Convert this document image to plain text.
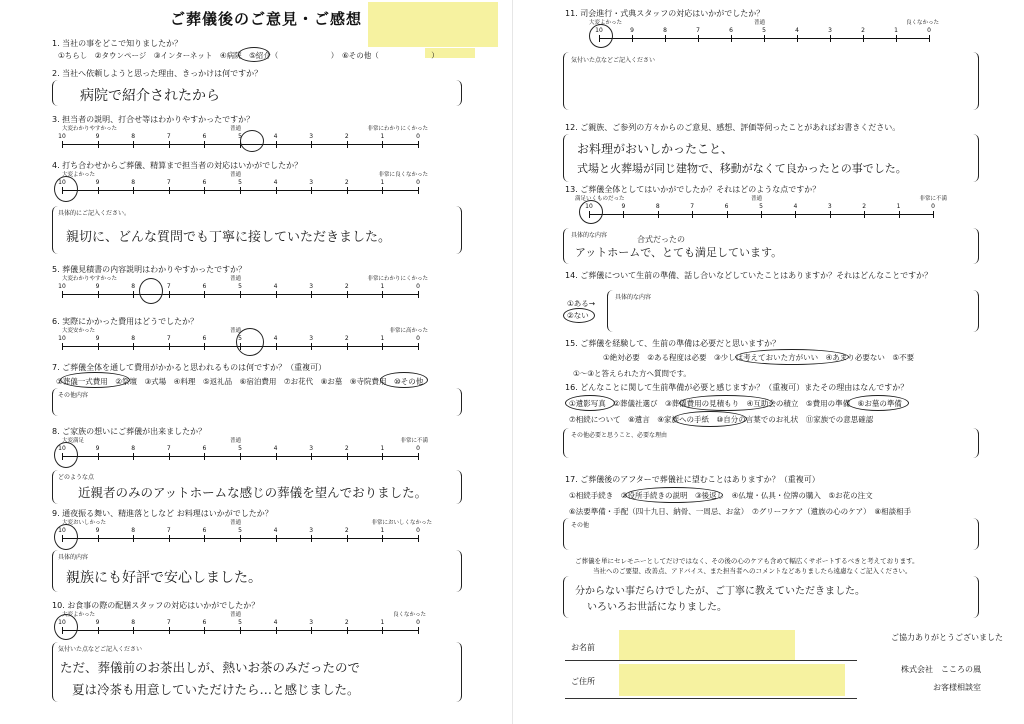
ご葬儀後のご意見・ご感想
1. 当社の事をどこで知りましたか？
①ちらし　②タウンページ　③インターネット　④病院　⑤紹介（　　　　　　　）　⑥その他（　　　　　　　）
2. 当社へ依頼しようと思った理由、きっかけは何ですか？
病院で紹介されたから
3. 担当者の説明、打合せ等はわかりやすかったですか？
大変わかりやすかった	普通	非常にわかりにくかった
10	9	8	7	6	5	4	3	2	1	0
4. 打ち合わせからご葬儀、精算まで担当者の対応はいかがでしたか？
大変よかった	普通	非常に良くなかった
10	9	8	7	6	5	4	3	2	1	0
具体的にご記入ください。
親切に、どんな質問でも丁寧に接していただきました。
5. 葬儀見積書の内容説明はわかりやすかったですか？
大変わかりやすかった	普通	非常にわかりにくかった
10	9	8	7	6	5	4	3	2	1	0
6. 実際にかかった費用はどうでしたか？
大変安かった	普通	非常に高かった
10	9	8	7	6	5	4	3	2	1	0
7. ご葬儀全体を通して費用がかかると思われるものは何ですか？（重複可）
①葬儀一式費用　②祭壇　③式場　④料理　⑤返礼品　⑥宿泊費用　⑦お花代　⑧お墓　⑨寺院費用　⑩その他
その他内容
8. ご家族の想いにご葬儀が出来ましたか？
大変満足	普通	非常に不満
10	9	8	7	6	5	4	3	2	1	0
どのような点
近親者のみのアットホームな感じの葬儀を望んでおりました。
9. 通夜振る舞い、精進落としなど お料理はいかがでしたか？
大変おいしかった	普通	非常においしくなかった
10	9	8	7	6	5	4	3	2	1	0
具体的内容
親族にも好評で安心しました。
10. お食事の際の配膳スタッフの対応はいかがでしたか？
大変よかった	普通	良くなかった
10	9	8	7	6	5	4	3	2	1	0
気付いた点などご記入ください
ただ、葬儀前のお茶出しが、熱いお茶のみだったので
夏は冷茶も用意していただけたら…と感じました。
11. 司会進行・式典スタッフの対応はいかがでしたか？
大変よかった	普通	良くなかった
10	9	8	7	6	5	4	3	2	1	0
気付いた点などご記入ください
12. ご親族、ご参列の方々からのご意見、感想、評価等伺ったことがあればお書きください。
お料理がおいしかったこと、
式場と火葬場が同じ建物で、移動がなくて良かったとの事でした。
13. ご葬儀全体としてはいかがでしたか？それはどのような点ですか？
満足いくものだった	普通	非常に不満
10	9	8	7	6	5	4	3	2	1	0
具体的な内容	合式だったの
アットホームで、とても満足しています。
14. ご葬儀について生前の準備、話し合いなどしていたことはありますか？それはどんなことですか？
①ある→
②ない
具体的な内容
15. ご葬儀を経験して、生前の準備は必要だと思いますか？
①絶対必要　②ある程度は必要　③少しは考えておいた方がいい　④あまり必要ない　⑤不要
①～③と答えられた方へ質問です。
16. どんなことに関して生前準備が必要と感じますか？（重複可）またその理由はなんですか？
①遺影写真　②葬儀社選び　③葬儀費用の見積もり　④互助会の積立　⑤費用の準備　⑥お墓の準備
⑦相続について　⑧遺言　⑨家族への手紙　⑩自分の言葉でのお礼状　⑪家族での意思確認
その他必要と思うこと、必要な理由
17. ご葬儀後のアフターで葬儀社に望むことはありますか？（重複可）
①相続手続き　②役所手続きの説明　③後返し　④仏壇・仏具・位牌の購入　⑤お花の注文
⑥法要準備・手配（四十九日、納骨、一周忌、お盆）　⑦グリーフケア（遺族の心のケア）　⑧相談相手
その他
ご葬儀を単にセレモニーとしてだけではなく、その後の心のケアも含めて幅広くサポートするべきと考えております。
当社へのご要望、改善点、アドバイス、また担当者へのコメントなどありましたら遠慮なくご記入ください。
分からない事だらけでしたが、ご丁寧に教えていただきました。
いろいろお世話になりました。
ご協力ありがとうございました
お名前
ご住所
株式会社　こころの風
お客様相談室
